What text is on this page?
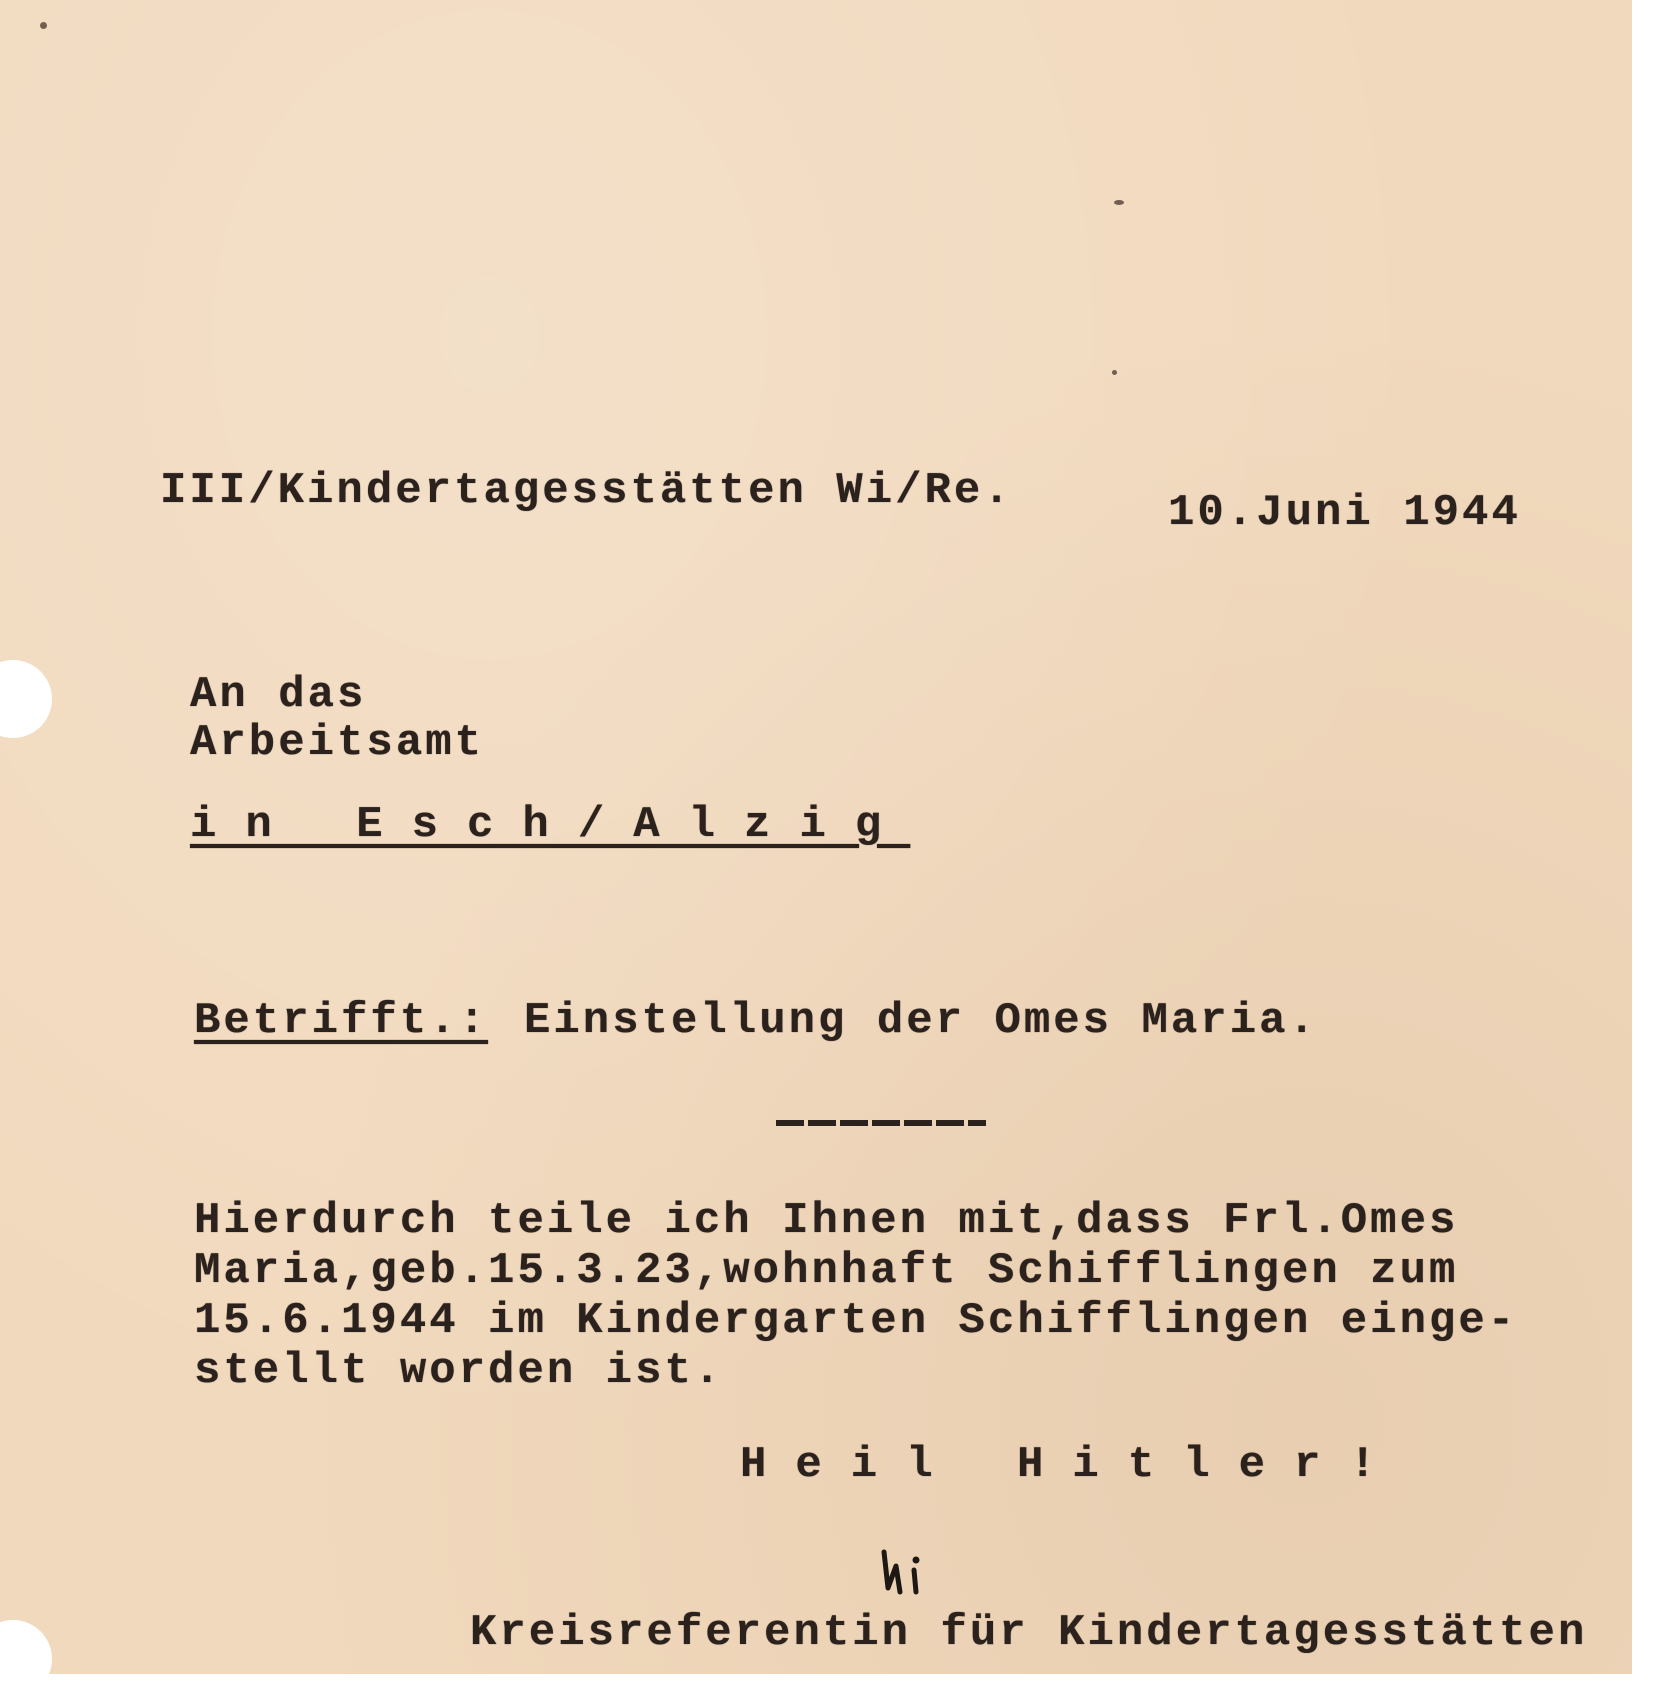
III/Kindertagesstätten Wi/Re.	10.Juni 1944
An das
Arbeitsamt
in Esch/Alzig
Betrifft.: Einstellung der Omes Maria.
Hierdurch teile ich Ihnen mit,dass Frl.Omes
Maria,geb.15.3.23,wohnhaft Schifflingen zum
15.6.1944 im Kindergarten Schifflingen einge-
stellt worden ist.
Heil Hitler!
Kreisreferentin für Kindertagesstätten
